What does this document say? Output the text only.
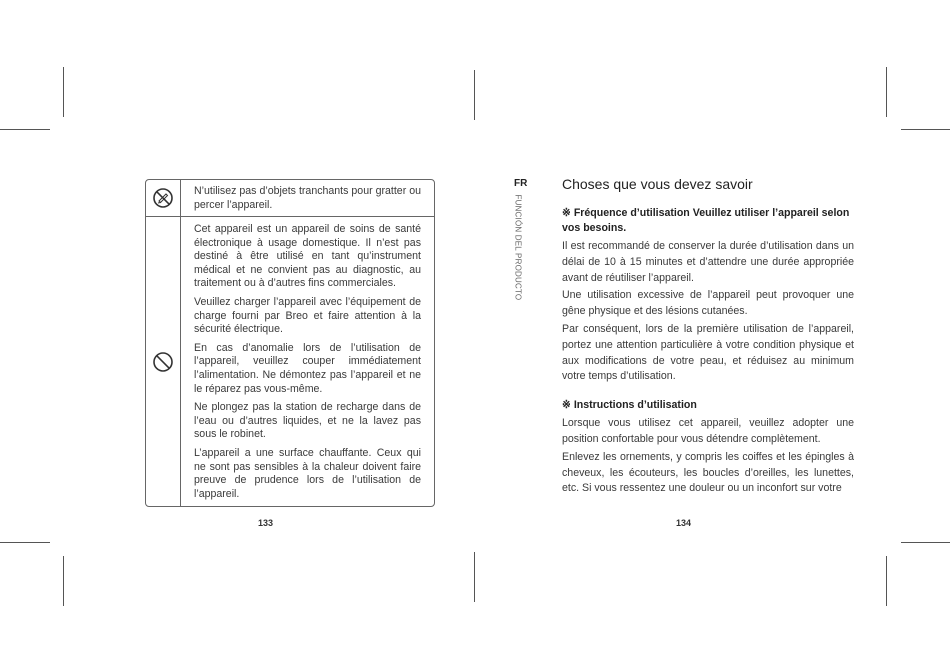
N’utilisez pas d’objets tranchants pour gratter ou percer l’appareil.

Cet appareil est un appareil de soins de santé électronique à usage domestique. Il n’est pas destiné à être utilisé en tant qu’instrument médical et ne convient pas au diagnostic, au traitement ou à d’autres fins commerciales.

Veuillez charger l’appareil avec l’équipement de charge fourni par Breo et faire attention à la sécurité électrique.

En cas d’anomalie lors de l’utilisation de l’appareil, veuillez couper immédiatement l’alimentation. Ne démontez pas l’appareil et ne le réparez pas vous-même.

Ne plongez pas la station de recharge dans de l’eau ou d’autres liquides, et ne la lavez pas sous le robinet.

L’appareil a une surface chauffante. Ceux qui ne sont pas sensibles à la chaleur doivent faire preuve de prudence lors de l’utilisation de l’appareil.

133
FR
FUNCIÓN DEL PRODUCTO
Choses que vous devez savoir
※ Fréquence d’utilisation Veuillez utiliser l’appareil selon vos besoins.
Il est recommandé de conserver la durée d’utilisation dans un délai de 10 à 15 minutes et d’attendre une durée appropriée avant de réutiliser l’appareil.
Une utilisation excessive de l’appareil peut provoquer une gêne physique et des lésions cutanées.
Par conséquent, lors de la première utilisation de l’appareil, portez une attention particulière à votre condition physique et aux modifications de votre peau, et réduisez au minimum votre temps d’utilisation.
※ Instructions d’utilisation
Lorsque vous utilisez cet appareil, veuillez adopter une position confortable pour vous détendre complètement.
Enlevez les ornements, y compris les coiffes et les épingles à cheveux, les écouteurs, les boucles d’oreilles, les lunettes, etc. Si vous ressentez une douleur ou un inconfort sur votre
134
